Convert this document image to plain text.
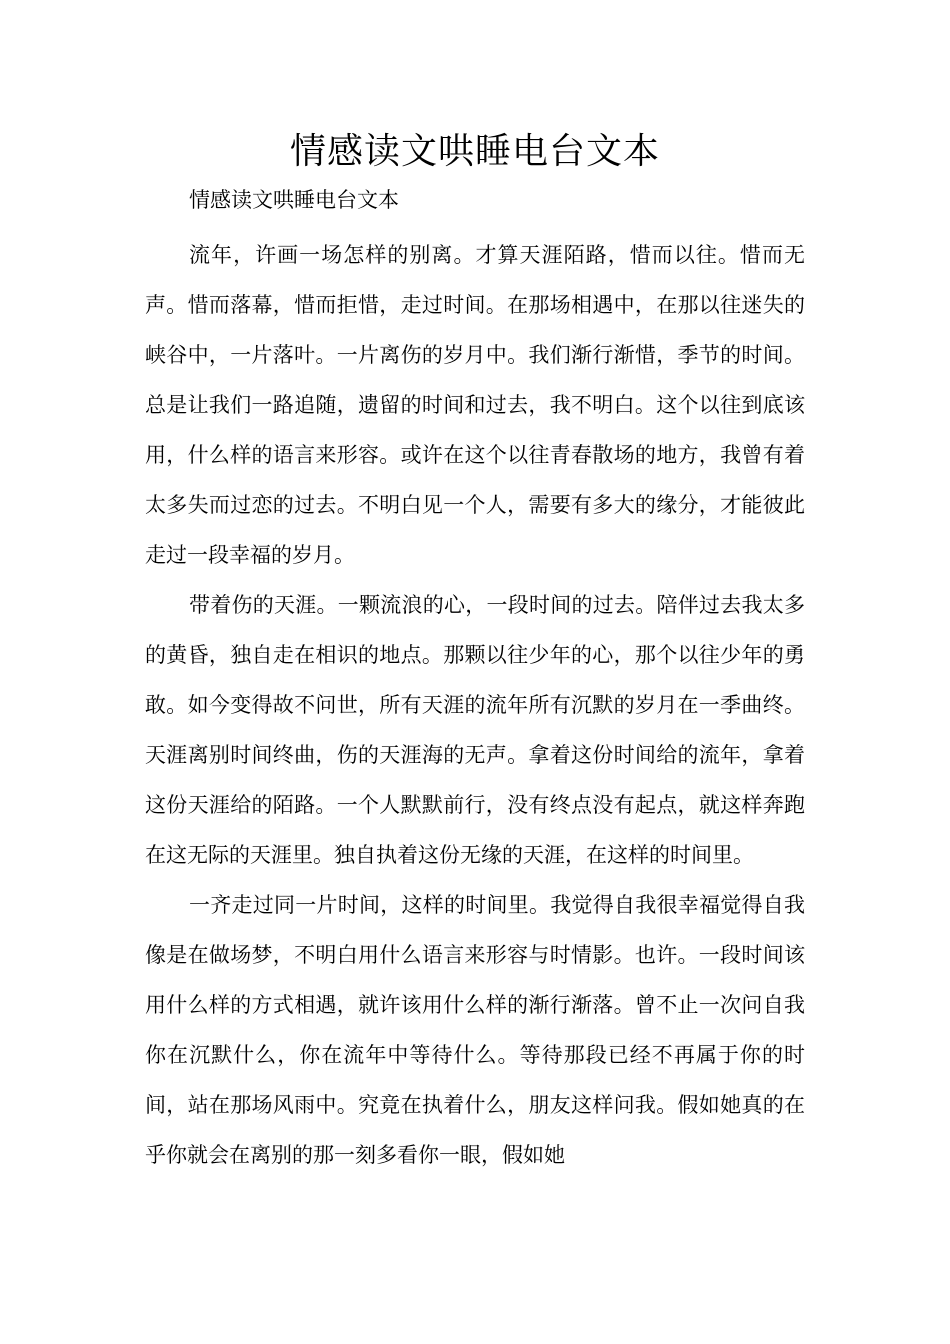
情感读文哄睡电台文本

情感读文哄睡电台文本

流年，许画一场怎样的别离。才算天涯陌路，惜而以往。惜而无声。惜而落幕，惜而拒惜，走过时间。在那场相遇中，在那以往迷失的峡谷中，一片落叶。一片离伤的岁月中。我们渐行渐惜，季节的时间。总是让我们一路追随，遗留的时间和过去，我不明白。这个以往到底该用，什么样的语言来形容。或许在这个以往青春散场的地方，我曾有着太多失而过恋的过去。不明白见一个人，需要有多大的缘分，才能彼此走过一段幸福的岁月。

带着伤的天涯。一颗流浪的心，一段时间的过去。陪伴过去我太多的黄昏，独自走在相识的地点。那颗以往少年的心，那个以往少年的勇敢。如今变得故不问世，所有天涯的流年所有沉默的岁月在一季曲终。天涯离别时间终曲，伤的天涯海的无声。拿着这份时间给的流年，拿着这份天涯给的陌路。一个人默默前行，没有终点没有起点，就这样奔跑在这无际的天涯里。独自执着这份无缘的天涯，在这样的时间里。

一齐走过同一片时间，这样的时间里。我觉得自我很幸福觉得自我像是在做场梦，不明白用什么语言来形容与时情影。也许。一段时间该用什么样的方式相遇，就许该用什么样的渐行渐落。曾不止一次问自我你在沉默什么，你在流年中等待什么。等待那段已经不再属于你的时间，站在那场风雨中。究竟在执着什么，朋友这样问我。假如她真的在乎你就会在离别的那一刻多看你一眼，假如她
